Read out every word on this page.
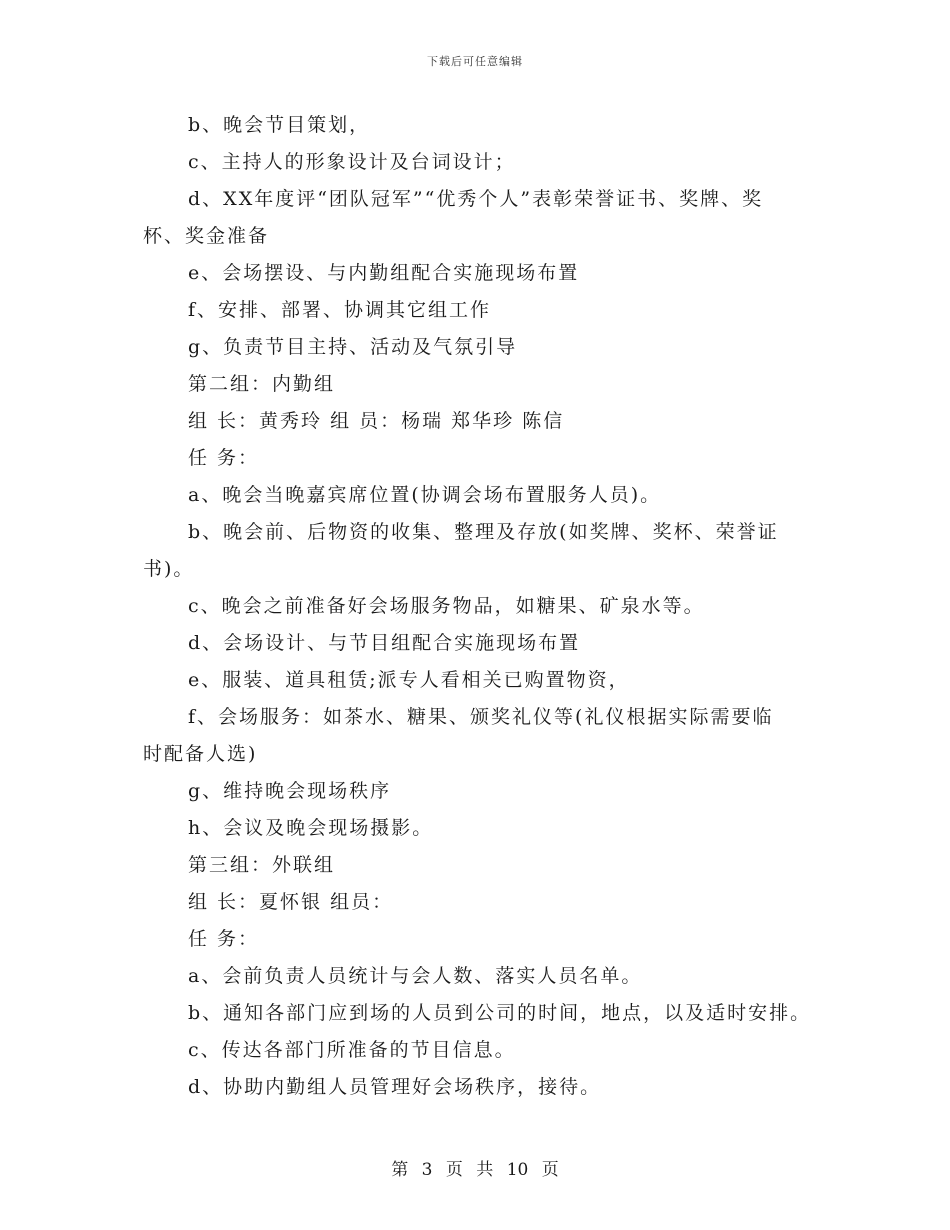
下载后可任意编辑
b、晚会节目策划，
c、主持人的形象设计及台词设计；
d、XX年度评“团队冠军”“优秀个人”表彰荣誉证书、奖牌、奖
杯、奖金准备
e、会场摆设、与内勤组配合实施现场布置
f、安排、部署、协调其它组工作
g、负责节目主持、活动及气氛引导
第二组：内勤组
组 长：黄秀玲 组 员：杨瑞 郑华珍 陈信
任 务：
a、晚会当晚嘉宾席位置(协调会场布置服务人员)。
b、晚会前、后物资的收集、整理及存放(如奖牌、奖杯、荣誉证
书)。
c、晚会之前准备好会场服务物品，如糖果、矿泉水等。
d、会场设计、与节目组配合实施现场布置
e、服装、道具租赁;派专人看相关已购置物资，
f、会场服务：如茶水、糖果、颁奖礼仪等(礼仪根据实际需要临
时配备人选)
g、维持晚会现场秩序
h、会议及晚会现场摄影。
第三组：外联组
组 长：夏怀银 组员：
任 务：
a、会前负责人员统计与会人数、落实人员名单。
b、通知各部门应到场的人员到公司的时间，地点，以及适时安排。
c、传达各部门所准备的节目信息。
d、协助内勤组人员管理好会场秩序，接待。
第 3 页 共 10 页
